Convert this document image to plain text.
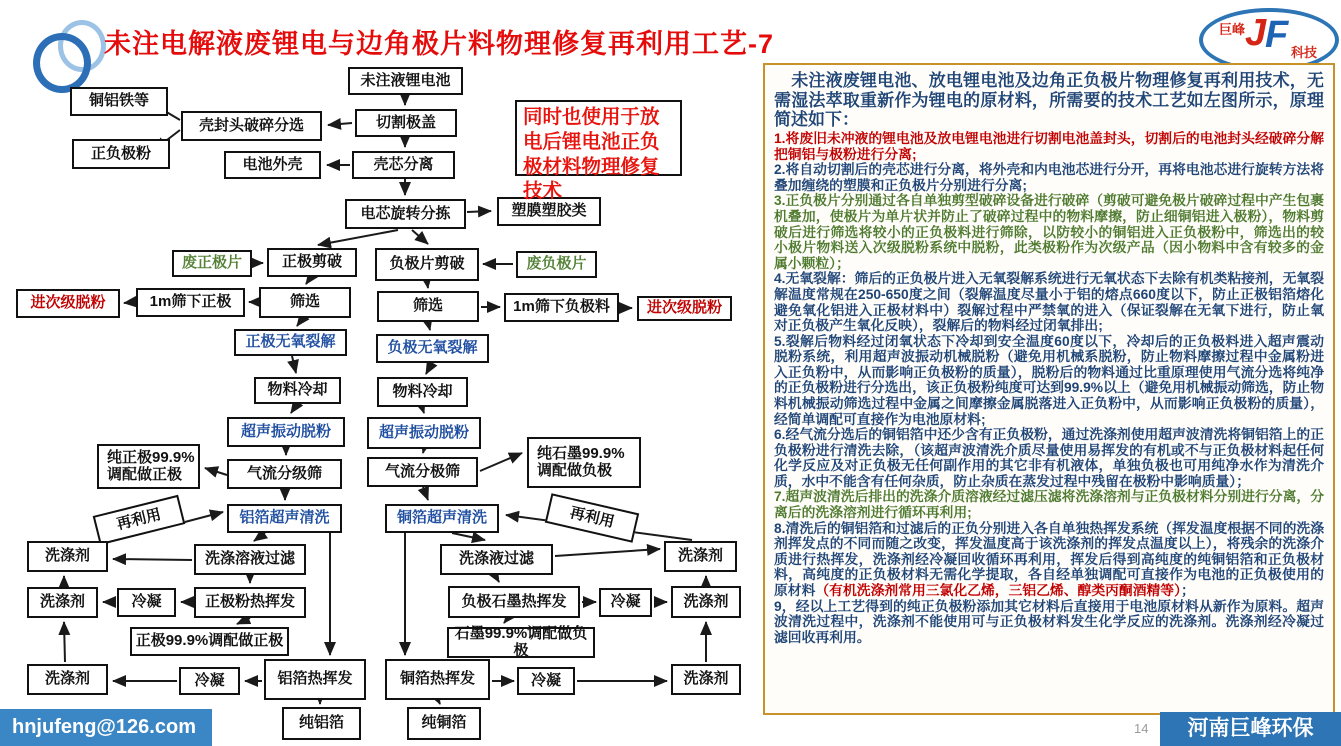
未注电解液废锂电与边角极片料物理修复再利用工艺-7	巨峰 J
F 科技
未注液锂电池
切割极盖
壳封头破碎分选
铜铝铁等
正负极粉
壳芯分离
电池外壳
电芯旋转分拣	塑膜塑胶类
废正极片	正极剪破	负极片剪破	废负极片
筛选
1m筛下正极
进次级脱粉	筛选	1m筛下负极料	进次级脱粉
正极无氧裂解	负极无氧裂解
物料冷却	物料冷却
超声振动脱粉	超声振动脱粉
纯正极99.9%
调配做正极	气流分级筛	气流分极筛
纯石墨99.9%
调配做负极
再利用	铝箔超声清洗	铜箔超声清洗	再利用
洗涤剂	洗涤溶液过滤	洗涤液过滤	洗涤剂
洗涤剂	冷凝	正极粉热挥发	负极石墨热挥发	冷凝	洗涤剂
正极99.9%调配做正极	石墨99.9%调配做负极
洗涤剂	冷凝	铝箔热挥发	铜箔热挥发	冷凝	洗涤剂
纯铝箔	纯铜箔
同时也使用于放电后锂电池正负极材料物理修复技术

　未注液废锂电池、放电锂电池及边角正负极片物理修复再利用技术，无需湿法萃取重新作为锂电的原材料，所需要的技术工艺如左图所示，原理简述如下：

1.将废旧未冲液的锂电池及放电锂电池进行切割电池盖封头，切割后的电池封头经破碎分解把铜铝与极粉进行分离;

2.将自动切割后的壳芯进行分离，将外壳和内电池芯进行分开，再将电池芯进行旋转方法将叠加缠绕的塑膜和正负极片分别进行分离;

3.正负极片分别通过各自单独剪型破碎设备进行破碎（剪破可避免极片破碎过程中产生包裹机叠加，使极片为单片状并防止了破碎过程中的物料摩擦，防止细铜铝进入极粉），物料剪破后进行筛选将较小的正负极料进行筛除，以防较小的铜铝进入正负极粉中，筛选出的较小极片物料送入次级脱粉系统中脱粉，此类极粉作为次级产品（因小物料中含有较多的金属小颗粒）；

4.无氧裂解：筛后的正负极片进入无氧裂解系统进行无氧状态下去除有机类粘接剂，无氧裂解温度常规在250-650度之间（裂解温度尽量小于铝的熔点660度以下，防止正极铝箔熔化避免氧化铝进入正极材料中）裂解过程中严禁氧的进入（保证裂解在无氧下进行，防止氧对正负极产生氧化反映），裂解后的物料经过闭氧排出;

5.裂解后物料经过闭氧状态下冷却到安全温度60度以下，冷却后的正负极料进入超声震动脱粉系统，利用超声波振动机械脱粉（避免用机械系脱粉，防止物料摩擦过程中金属粉进入正负粉中，从而影响正负极粉的质量），脱粉后的物料通过比重原理使用气流分选将纯净的正负极粉进行分选出，该正负极粉纯度可达到99.9%以上（避免用机械振动筛选，防止物料机械振动筛选过程中金属之间摩擦金属脱落进入正负粉中，从而影响正负极粉的质量），经简单调配可直接作为电池原材料;

6.经气流分选后的铜铝箔中还少含有正负极粉，通过洗涤剂使用超声波清洗将铜铝箔上的正负极粉进行清洗去除，（该超声波清洗介质尽量使用易挥发的有机或不与正负极材料起任何化学反应及对正负极无任何副作用的其它非有机液体，单独负极也可用纯净水作为清洗介质，水中不能含有任何杂质，防止杂质在蒸发过程中残留在极粉中影响质量）；

7.超声波清洗后排出的洗涤介质溶液经过滤压滤将洗涤溶剂与正负极材料分别进行分离，分离后的洗涤溶剂进行循环再利用;

8.清洗后的铜铝箔和过滤后的正负分别进入各自单独热挥发系统（挥发温度根据不同的洗涤剂挥发点的不同而随之改变，挥发温度高于该洗涤剂的挥发点温度以上），将残余的洗涤介质进行热挥发，洗涤剂经冷凝回收循环再利用，挥发后得到高纯度的纯铜铝箔和正负极材料，高纯度的正负极材料无需化学提取，各自经单独调配可直接作为电池的正负极使用的原材料（有机洗涤剂常用三氯化乙烯，三铝乙烯、醇类丙酮酒精等）；

9，经以上工艺得到的纯正负极粉添加其它材料后直接用于电池原材料从新作为原料。超声波清洗过程中，洗涤剂不能使用可与正负极材料发生化学反应的洗涤剂。洗涤剂经冷凝过滤回收再利用。

hnjufeng@126.com	14	河南巨峰环保
